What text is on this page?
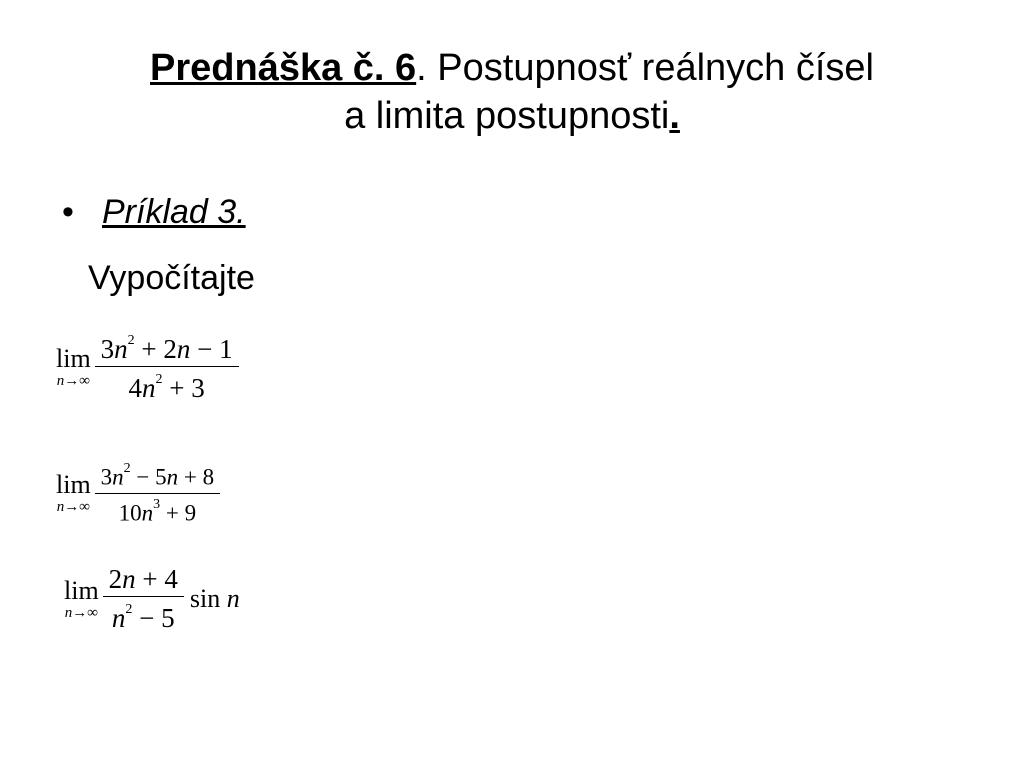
Prednáška č. 6. Postupnosť reálnych čísel
a limita postupnosti.
• Príklad 3.
Vypočítajte
lim
$n\to\infty \frac{3n^2 + 2n - 1}{4n^2 + 3}$
lim
$n\to\infty \frac{3n^2 - 5n + 8}{10n^3 + 9}$
lim
$n\to\infty \frac{2n + 4}{n^2 - 5}$ sin n
